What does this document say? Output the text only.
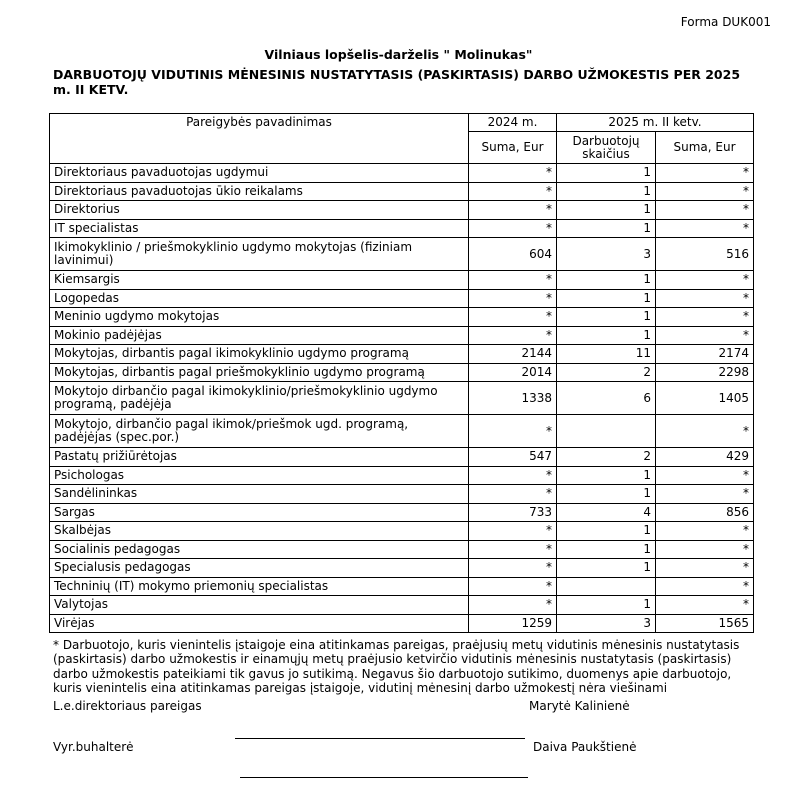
Forma DUK001
Vilniaus lopšelis-darželis " Molinukas"
DARBUOTOJŲ VIDUTINIS MĖNESINIS NUSTATYTASIS (PASKIRTASIS) DARBO UŽMOKESTIS PER 2025 m. II KETV.
Pareigybės pavadinimas	2024 m.	2025 m. II ketv.	
	Suma, Eur	Darbuotojų skaičius	Suma, Eur
Direktoriaus pavaduotojas ugdymui	*	1	*
Direktoriaus pavaduotojas ūkio reikalams	*	1	*
Direktorius	*	1	*
IT specialistas	*	1	*
Ikimokyklinio / priešmokyklinio ugdymo mokytojas (fiziniam lavinimui)	604	3	516
Kiemsargis	*	1	*
Logopedas	*	1	*
Meninio ugdymo mokytojas	*	1	*
Mokinio padėjėjas	*	1	*
Mokytojas, dirbantis pagal ikimokyklinio ugdymo programą	2144	11	2174
Mokytojas, dirbantis pagal priešmokyklinio ugdymo programą	2014	2	2298
Mokytojo dirbančio pagal ikimokyklinio/priešmokyklinio ugdymo programą, padėjėja	1338	6	1405
Mokytojo, dirbančio pagal ikimok/priešmok ugd. programą, padėjėjas (spec.por.)	*		*
Pastatų prižiūrėtojas	547	2	429
Psichologas	*	1	*
Sandėlininkas	*	1	*
Sargas	733	4	856
Skalbėjas	*	1	*
Socialinis pedagogas	*	1	*
Specialusis pedagogas	*	1	*
Techninių (IT) mokymo priemonių specialistas	*		*
Valytojas	*	1	*
Virėjas	1259	3	1565
* Darbuotojo, kuris vienintelis įstaigoje eina atitinkamas pareigas, praėjusių metų vidutinis mėnesinis nustatytasis (paskirtasis) darbo užmokestis ir einamųjų metų praėjusio ketvirčio vidutinis mėnesinis nustatytasis (paskirtasis) darbo užmokestis pateikiami tik gavus jo sutikimą. Negavus šio darbuotojo sutikimo, duomenys apie darbuotojo, kuris vienintelis eina atitinkamas pareigas įstaigoje, vidutinį mėnesinį darbo užmokestį nėra viešinami
L.e.direktoriaus pareigas	Marytė Kalinienė
Vyr.buhalterė	Daiva Paukštienė
